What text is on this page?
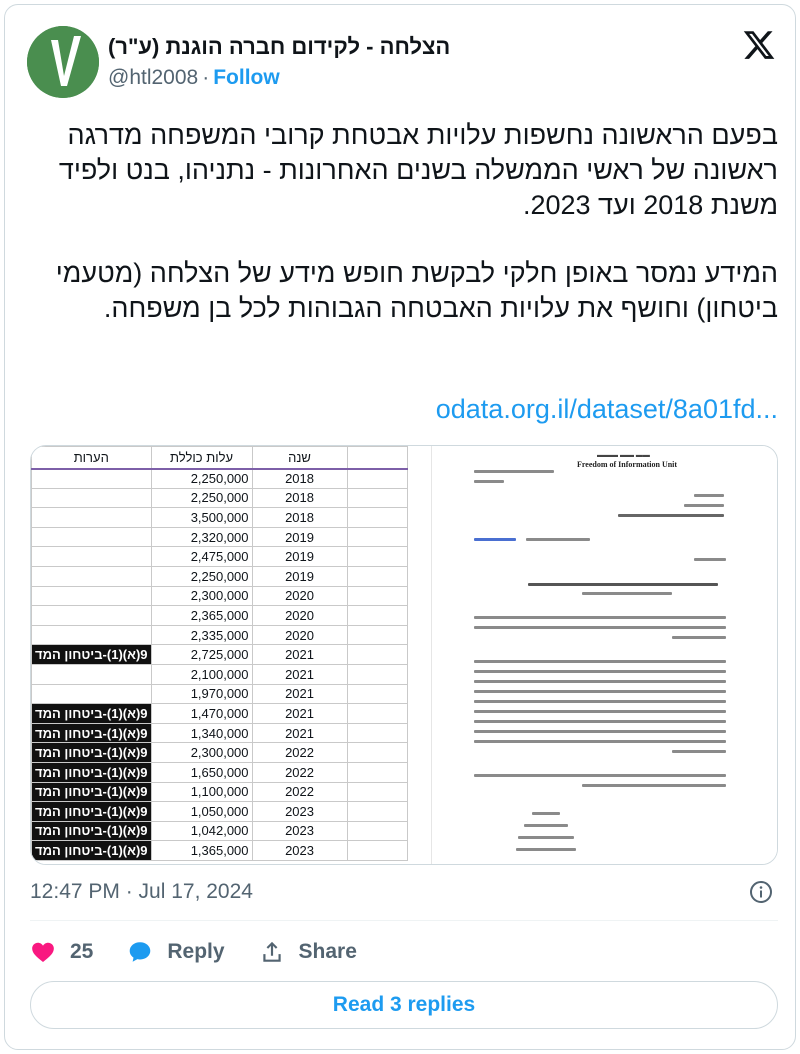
הצלחה - לקידום חברה הוגנת (ע"ר)
@htl2008 · Follow
בפעם הראשונה נחשפות עלויות אבטחת קרובי המשפחה מדרגה ראשונה של ראשי הממשלה בשנים האחרונות - נתניהו, בנט ולפיד משנת 2018 ועד 2023.
המידע נמסר באופן חלקי לבקשת חופש מידע של הצלחה (מטעמי ביטחון) וחושף את עלויות האבטחה הגבוהות לכל בן משפחה.
odata.org.il/dataset/8a01fd...
הערות	עלות כוללת	שנה	
	2,250,000	2018	
	2,250,000	2018	
	3,500,000	2018	
	2,320,000	2019	
	2,475,000	2019	
	2,250,000	2019	
	2,300,000	2020	
	2,365,000	2020	
	2,335,000	2020	
9(א)(1)-ביטחון המד	2,725,000	2021	
	2,100,000	2021	
	1,970,000	2021	
9(א)(1)-ביטחון המד	1,470,000	2021	
9(א)(1)-ביטחון המד	1,340,000	2021	
9(א)(1)-ביטחון המד	2,300,000	2022	
9(א)(1)-ביטחון המד	1,650,000	2022	
9(א)(1)-ביטחון המד	1,100,000	2022	
9(א)(1)-ביטחון המד	1,050,000	2023	
9(א)(1)-ביטחון המד	1,042,000	2023	
9(א)(1)-ביטחון המד	1,365,000	2023	
▬▬▬ ▬▬ ▬▬
Freedom of Information Unit
12:47 PM · Jul 17, 2024
25	Reply	Share
Read 3 replies
